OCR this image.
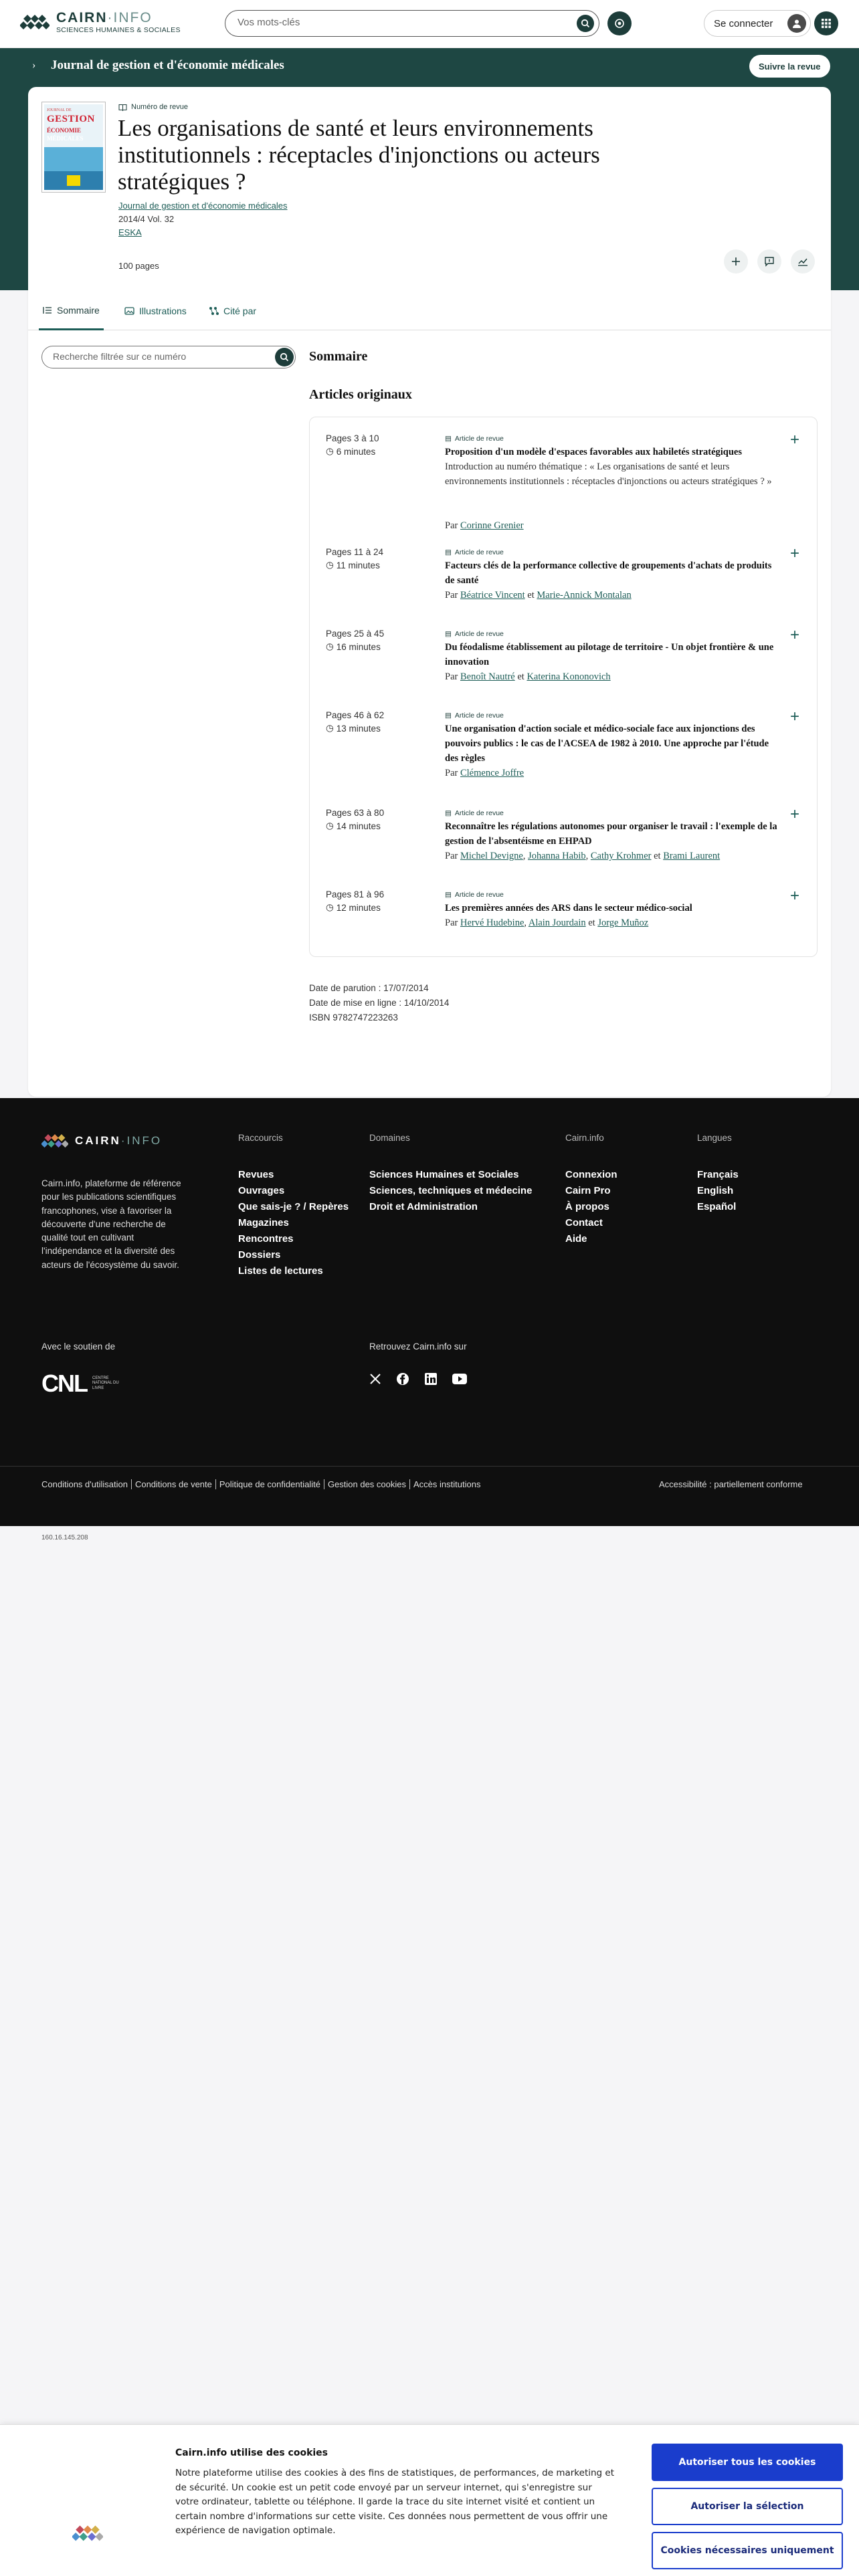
CAIRN·INFO
SCIENCES HUMAINES & SOCIALES
Vos mots-clés
Se connecter
› Journal de gestion et d'économie médicales	Suivre la revue
JOURNAL DE
GESTION
ÉCONOMIE
MÉDICALES
Numéro de revue
Les organisations de santé et leurs environnements institutionnels : réceptacles d'injonctions ou acteurs stratégiques ?
Journal de gestion et d'économie médicales
2014/4 Vol. 32
ESKA
100 pages
Sommaire	Illustrations	Cité par
Recherche filtrée sur ce numéro
Sommaire
Articles originaux
Pages 3 à 10
◷ 6 minutes
▤ Article de revue
Proposition d'un modèle d'espaces favorables aux habiletés stratégiques
Introduction au numéro thématique : « Les organisations de santé et leurs environnements institutionnels : réceptacles d'injonctions ou acteurs stratégiques ? »
Par Corinne Grenier
+
Pages 11 à 24
◷ 11 minutes
▤ Article de revue
Facteurs clés de la performance collective de groupements d'achats de produits de santé
Par Béatrice Vincent et Marie-Annick Montalan
+
Pages 25 à 45
◷ 16 minutes
▤ Article de revue
Du féodalisme établissement au pilotage de territoire - Un objet frontière & une innovation
Par Benoît Nautré et Katerina Kononovich
+
Pages 46 à 62
◷ 13 minutes
▤ Article de revue
Une organisation d'action sociale et médico-sociale face aux injonctions des pouvoirs publics : le cas de l'ACSEA de 1982 à 2010. Une approche par l'étude des règles
Par Clémence Joffre
+
Pages 63 à 80
◷ 14 minutes
▤ Article de revue
Reconnaître les régulations autonomes pour organiser le travail : l'exemple de la gestion de l'absentéisme en EHPAD
Par Michel Devigne, Johanna Habib, Cathy Krohmer et Brami Laurent
+
Pages 81 à 96
◷ 12 minutes
▤ Article de revue
Les premières années des ARS dans le secteur médico-social
Par Hervé Hudebine, Alain Jourdain et Jorge Muñoz
+
Date de parution : 17/07/2014
Date de mise en ligne : 14/10/2014
ISBN 9782747223263
CAIRN·INFO

Cairn.info, plateforme de référence pour les publications scientifiques francophones, vise à favoriser la découverte d'une recherche de qualité tout en cultivant l'indépendance et la diversité des acteurs de l'écosystème du savoir.

Raccourcis
Revues
Ouvrages
Que sais-je ? / Repères
Magazines
Rencontres
Dossiers
Listes de lectures
Domaines
Sciences Humaines et Sociales
Sciences, techniques et médecine
Droit et Administration
Cairn.info
Connexion
Cairn Pro
À propos
Contact
Aide
Langues
Français
English
Español
Avec le soutien de
CNL CENTRE NATIONAL DU LIVRE
Retrouvez Cairn.info sur
Conditions d'utilisation Conditions de vente Politique de confidentialité Gestion des cookies Accès institutions	Accessibilité : partiellement conforme
160.16.145.208
Cairn.info utilise des cookies

Notre plateforme utilise des cookies à des fins de statistiques, de performances, de marketing et de sécurité. Un cookie est un petit code envoyé par un serveur internet, qui s'enregistre sur votre ordinateur, tablette ou téléphone. Il garde la trace du site internet visité et contient un certain nombre d'informations sur cette visite. Ces données nous permettent de vous offrir une expérience de navigation optimale.

Autoriser tous les cookies
Autoriser la sélection
Cookies nécessaires uniquement
